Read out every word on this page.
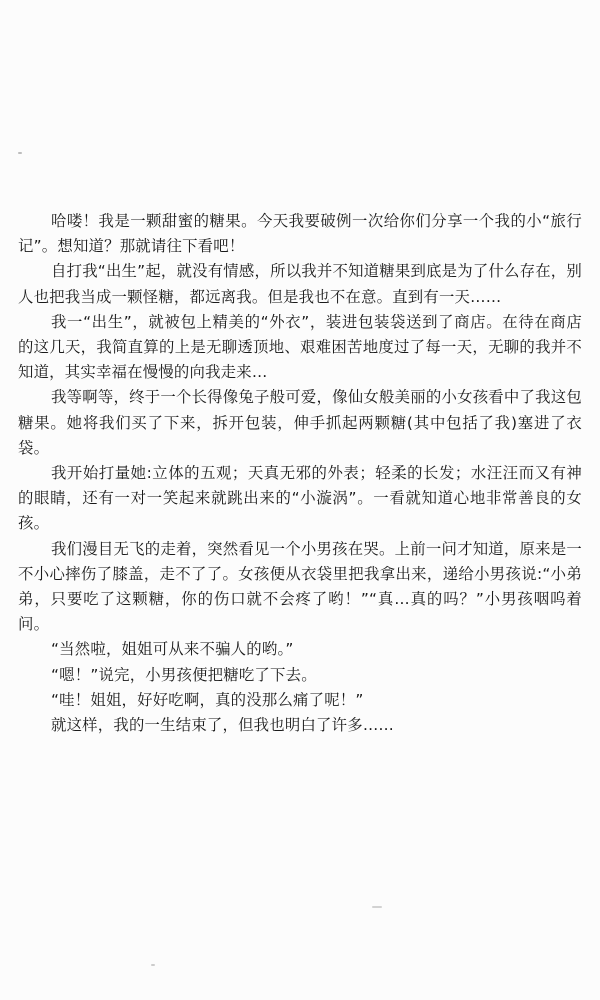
哈喽！我是一颗甜蜜的糖果。今天我要破例一次给你们分享一个我的小“旅行记”。想知道？那就请往下看吧！

自打我“出生”起，就没有情感，所以我并不知道糖果到底是为了什么存在，别人也把我当成一颗怪糖，都远离我。但是我也不在意。直到有一天……

我一“出生”，就被包上精美的“外衣”，装进包装袋送到了商店。在待在商店的这几天，我简直算的上是无聊透顶地、艰难困苦地度过了每一天，无聊的我并不知道，其实幸福在慢慢的向我走来…

我等啊等，终于一个长得像兔子般可爱，像仙女般美丽的小女孩看中了我这包糖果。她将我们买了下来，拆开包装，伸手抓起两颗糖(其中包括了我)塞进了衣袋。

我开始打量她:立体的五观；天真无邪的外表；轻柔的长发；水汪汪而又有神的眼睛，还有一对一笑起来就跳出来的“小漩涡”。一看就知道心地非常善良的女孩。

我们漫目无飞的走着，突然看见一个小男孩在哭。上前一问才知道，原来是一不小心摔伤了膝盖，走不了了。女孩便从衣袋里把我拿出来，递给小男孩说:“小弟弟，只要吃了这颗糖，你的伤口就不会疼了哟！”“真…真的吗？”小男孩咽呜着问。

“当然啦，姐姐可从来不骗人的哟。”

“嗯！”说完，小男孩便把糖吃了下去。

“哇！姐姐，好好吃啊，真的没那么痛了呢！”

就这样，我的一生结束了，但我也明白了许多……
